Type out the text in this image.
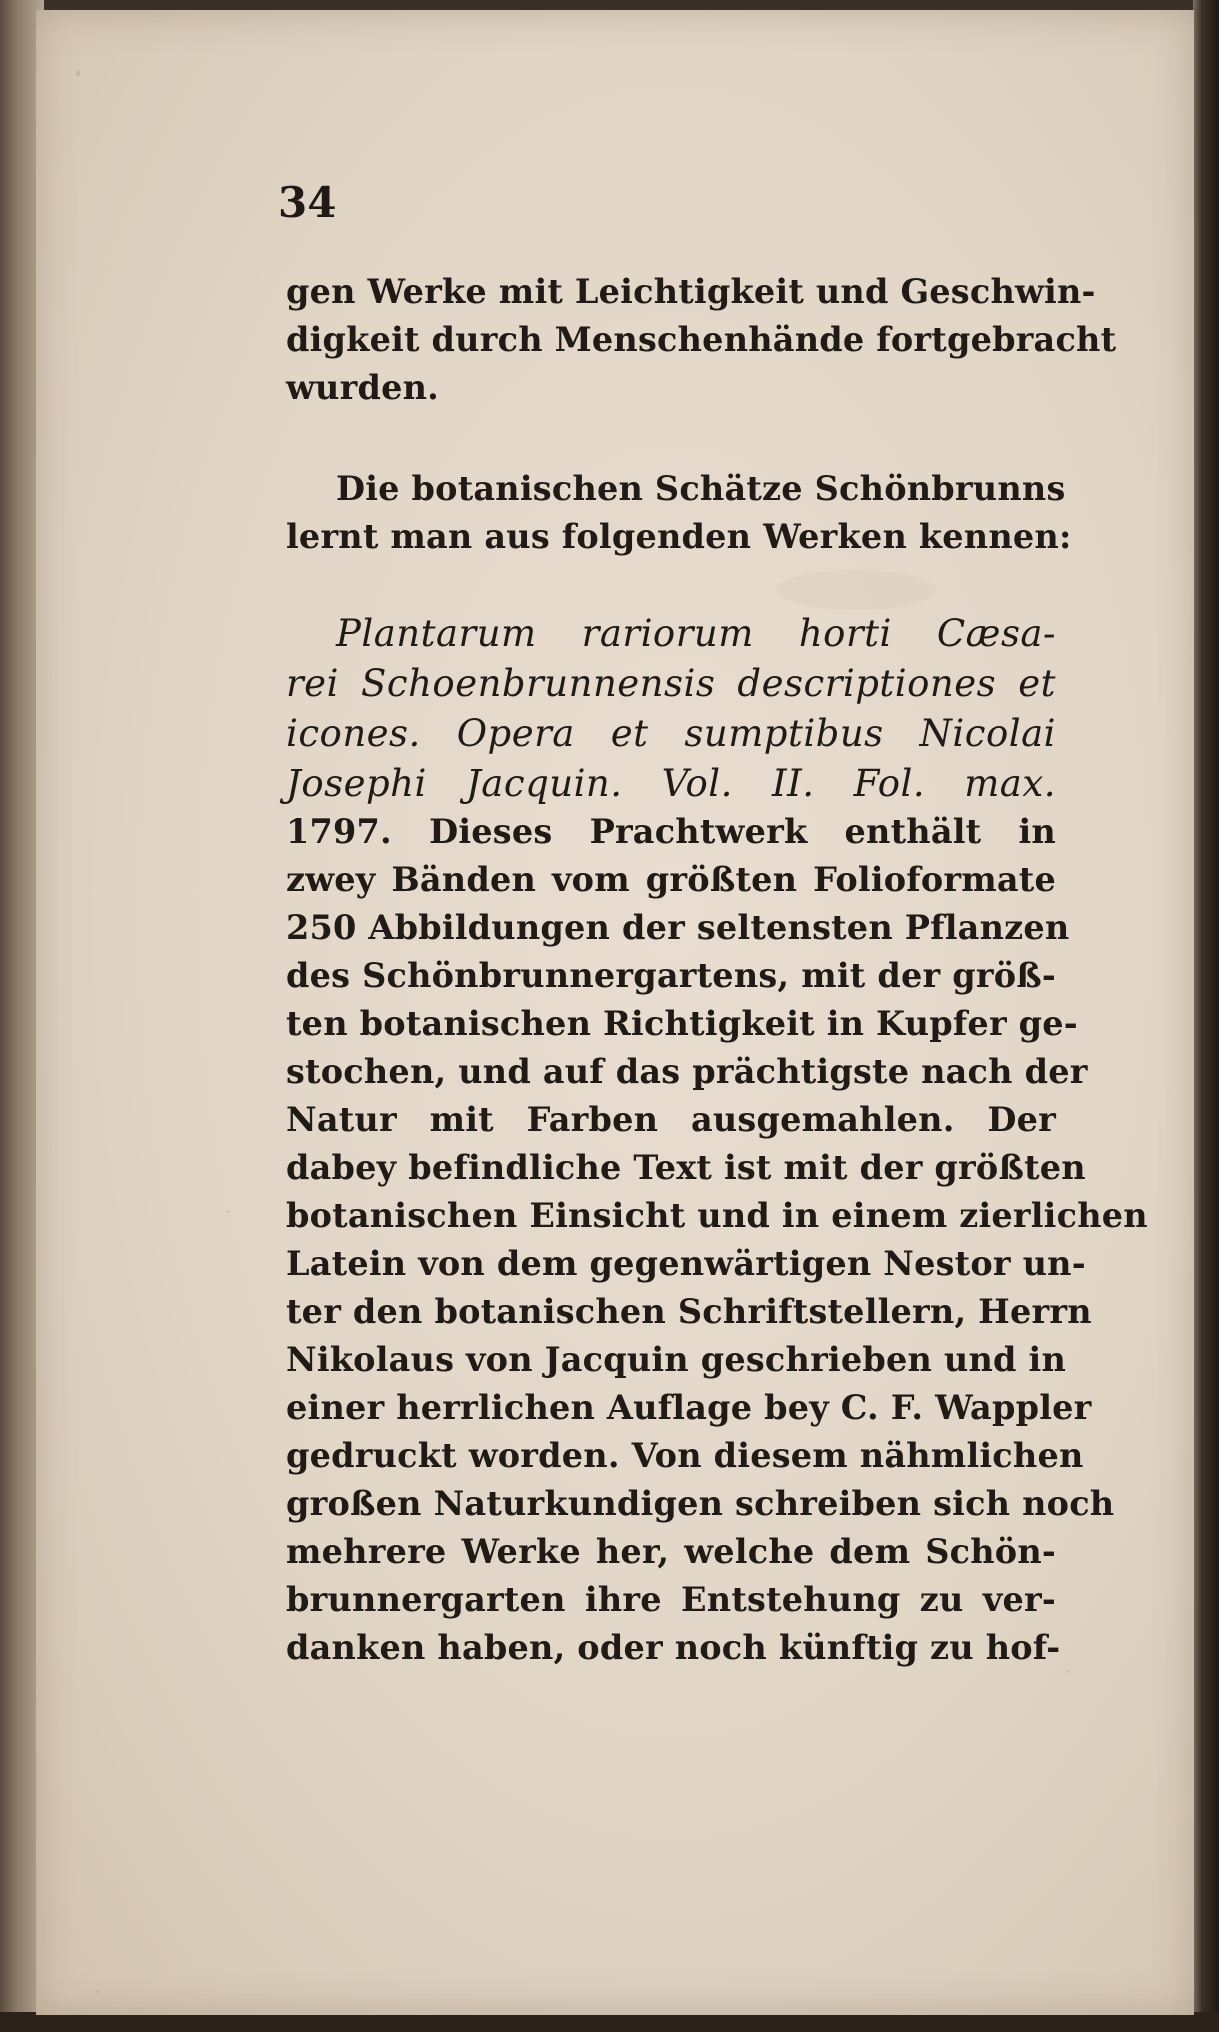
34
gen Werke mit Leichtigkeit und Geschwin-
digkeit durch Menschenhände fortgebracht
wurden.
Die botanischen Schätze Schönbrunns
lernt man aus folgenden Werken kennen:
Plantarum rariorum horti Cæsa-
rei Schoenbrunnensis descriptiones et
icones. Opera et sumptibus Nicolai
Josephi Jacquin. Vol. II. Fol. max.
1797. Dieses Prachtwerk enthält in
zwey Bänden vom größten Folioformate
250 Abbildungen der seltensten Pflanzen
des Schönbrunnergartens, mit der größ-
ten botanischen Richtigkeit in Kupfer ge-
stochen, und auf das prächtigste nach der
Natur mit Farben ausgemahlen. Der
dabey befindliche Text ist mit der größten
botanischen Einsicht und in einem zierlichen
Latein von dem gegenwärtigen Nestor un-
ter den botanischen Schriftstellern, Herrn
Nikolaus von Jacquin geschrieben und in
einer herrlichen Auflage bey C. F. Wappler
gedruckt worden. Von diesem nähmlichen
großen Naturkundigen schreiben sich noch
mehrere Werke her, welche dem Schön-
brunnergarten ihre Entstehung zu ver-
danken haben, oder noch künftig zu hof-
